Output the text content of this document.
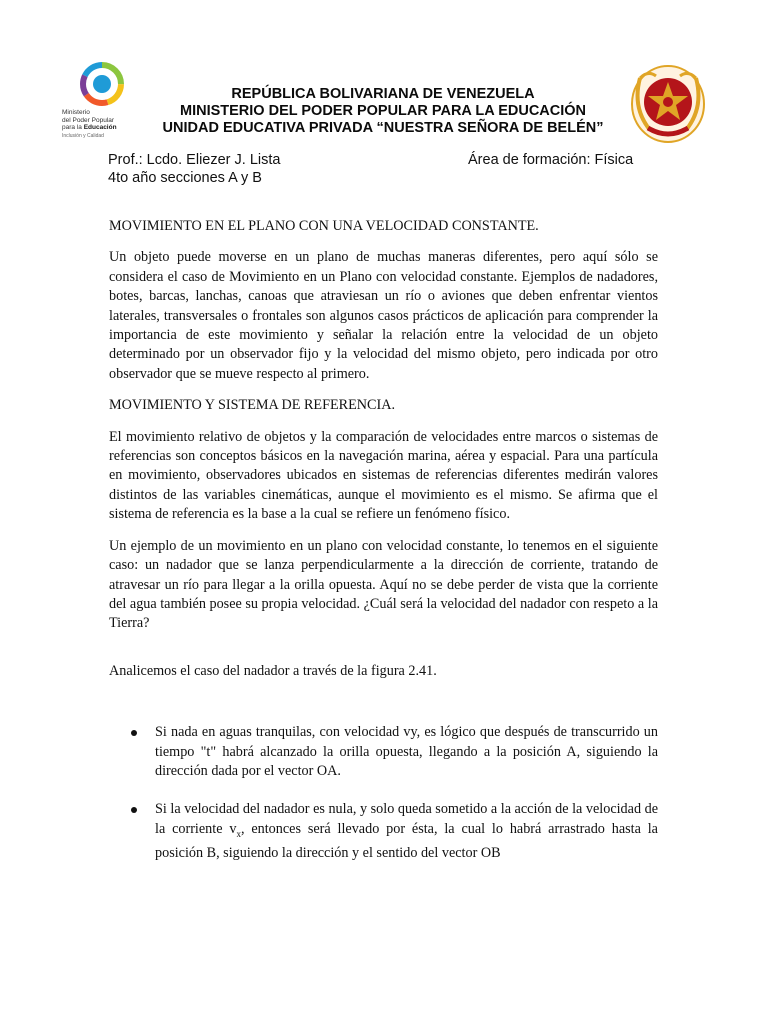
Ministerio
del Poder Popular
para la Educación
Inclusión y Calidad
REPÚBLICA BOLIVARIANA DE VENEZUELA
MINISTERIO DEL PODER POPULAR PARA LA EDUCACIÓN
UNIDAD EDUCATIVA PRIVADA “NUESTRA SEÑORA DE BELÉN”
Prof.: Lcdo. Eliezer J. Lista	Área de formación: Física
4to año secciones A y B

MOVIMIENTO EN EL PLANO CON UNA VELOCIDAD CONSTANTE.

Un objeto puede moverse en un plano de muchas maneras diferentes, pero aquí sólo se considera el caso de Movimiento en un Plano con velocidad constante. Ejemplos de nadadores, botes, barcas, lanchas, canoas que atraviesan un río o aviones que deben enfrentar vientos laterales, transversales o frontales son algunos casos prácticos de aplicación para comprender la importancia de este movimiento y señalar la relación entre la velocidad de un objeto determinado por un observador fijo y la velocidad del mismo objeto, pero indicada por otro observador que se mueve respecto al primero.

MOVIMIENTO Y SISTEMA DE REFERENCIA.

El movimiento relativo de objetos y la comparación de velocidades entre marcos o sistemas de referencias son conceptos básicos en la navegación marina, aérea y espacial. Para una partícula en movimiento, observadores ubicados en sistemas de referencias diferentes medirán valores distintos de las variables cinemáticas, aunque el movimiento es el mismo. Se afirma que el sistema de referencia es la base a la cual se refiere un fenómeno físico.

Un ejemplo de un movimiento en un plano con velocidad constante, lo tenemos en el siguiente caso: un nadador que se lanza perpendicularmente a la dirección de corriente, tratando de atravesar un río para llegar a la orilla opuesta. Aquí no se debe perder de vista que la corriente del agua también posee su propia velocidad. ¿Cuál será la velocidad del nadador con respeto a la Tierra?

Analicemos el caso del nadador a través de la figura 2.41.

Si nada en aguas tranquilas, con velocidad vy, es lógico que después de transcurrido un tiempo "t" habrá alcanzado la orilla opuesta, llegando a la posición A, siguiendo la dirección dada por el vector OA.
Si la velocidad del nadador es nula, y solo queda sometido a la acción de la velocidad de la corriente $v_x$, entonces será llevado por ésta, la cual lo habrá arrastrado hasta la posición B, siguiendo la dirección y el sentido del vector OB
